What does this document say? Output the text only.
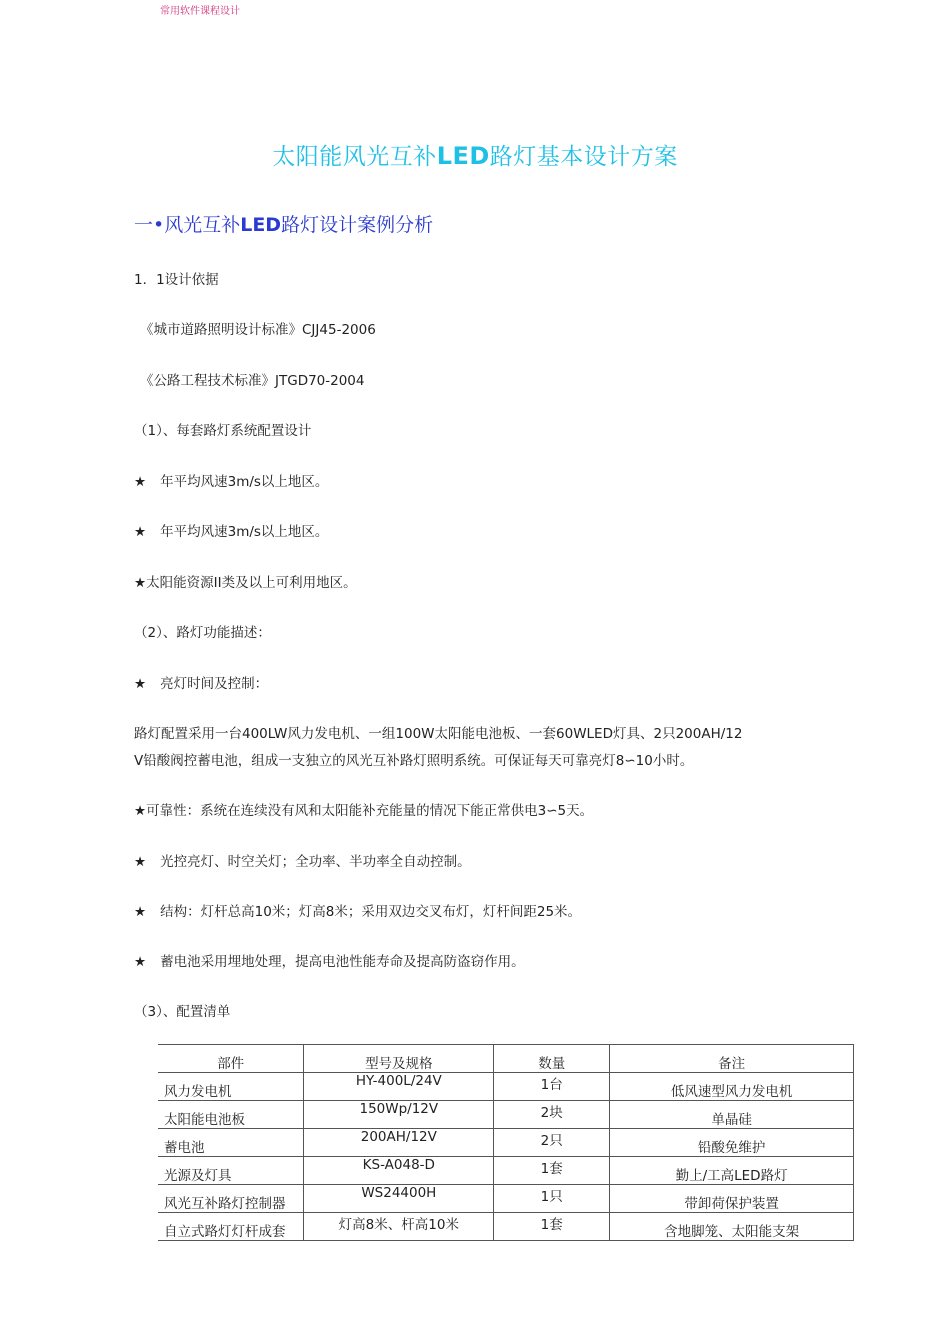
常用软件课程设计
太阳能风光互补LED路灯基本设计方案
一•风光互补LED路灯设计案例分析
1．1设计依据
《城市道路照明设计标准》CJJ45-2006
《公路工程技术标准》JTGD70-2004
（1）、每套路灯系统配置设计
★ 年平均风速3m/s以上地区。
★ 年平均风速3m/s以上地区。
★太阳能资源II类及以上可利用地区。
（2）、路灯功能描述：
★ 亮灯时间及控制：
路灯配置采用一台400LW风力发电机、一组100W太阳能电池板、一套60WLED灯具、2只200AH/12
V铅酸阀控蓄电池，组成一支独立的风光互补路灯照明系统。可保证每天可靠亮灯8∽10小时。
★可靠性：系统在连续没有风和太阳能补充能量的情况下能正常供电3∽5天。
★ 光控亮灯、时空关灯；全功率、半功率全自动控制。
★ 结构：灯杆总高10米；灯高8米；采用双边交叉布灯，灯杆间距25米。
★ 蓄电池采用埋地处理，提高电池性能寿命及提高防盗窃作用。
（3）、配置清单
部件	型号及规格	数量	备注
风力发电机	HY-400L/24V	1台	低风速型风力发电机
太阳能电池板	150Wp/12V	2块	单晶硅
蓄电池	200AH/12V	2只	铅酸免维护
光源及灯具	KS-A048-D	1套	勤上/工高LED路灯
风光互补路灯控制器	WS24400H	1只	带卸荷保护装置
自立式路灯灯杆成套	灯高8米、杆高10米	1套	含地脚笼、太阳能支架
